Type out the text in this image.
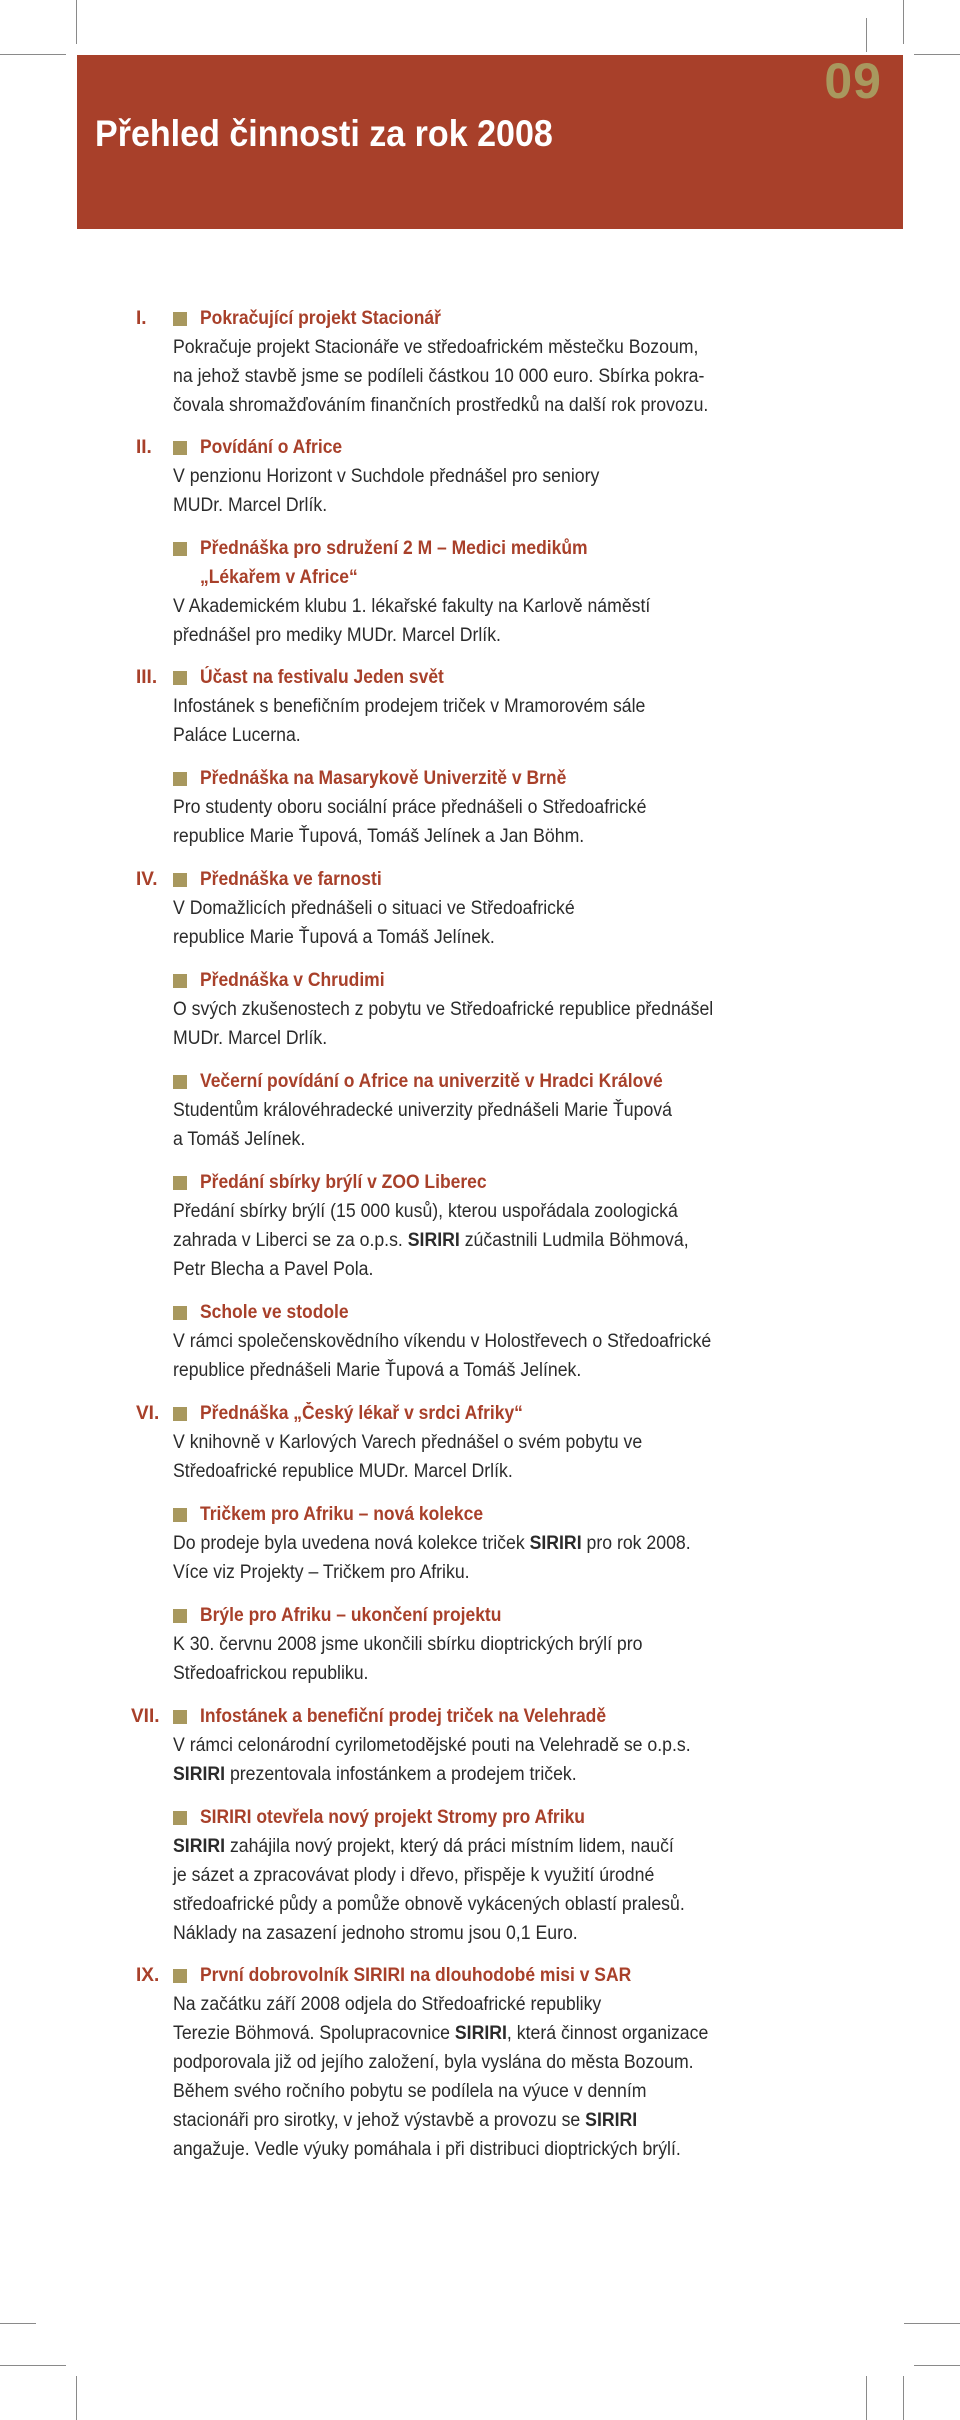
09
Přehled činnosti za rok 2008
I.	Pokračující projekt Stacionář
Pokračuje projekt Stacionáře ve středoafrickém městečku Bozoum,
na jehož stavbě jsme se podíleli částkou 10 000 euro. Sbírka pokra-
čovala shromažďováním finančních prostředků na další rok provozu.
II.	Povídání o Africe
V penzionu Horizont v Suchdole přednášel pro seniory
MUDr. Marcel Drlík.
Přednáška pro sdružení 2 M – Medici medikům
„Lékařem v Africe“
V Akademickém klubu 1. lékařské fakulty na Karlově náměstí
přednášel pro mediky MUDr. Marcel Drlík.
III.	Účast na festivalu Jeden svět
Infostánek s benefičním prodejem triček v Mramorovém sále
Paláce Lucerna.
Přednáška na Masarykově Univerzitě v Brně
Pro studenty oboru sociální práce přednášeli o Středoafrické
republice Marie Ťupová, Tomáš Jelínek a Jan Böhm.
IV.	Přednáška ve farnosti
V Domažlicích přednášeli o situaci ve Středoafrické
republice Marie Ťupová a Tomáš Jelínek.
Přednáška v Chrudimi
O svých zkušenostech z pobytu ve Středoafrické republice přednášel
MUDr. Marcel Drlík.
Večerní povídání o Africe na univerzitě v Hradci Králové
Studentům královéhradecké univerzity přednášeli Marie Ťupová
a Tomáš Jelínek.
Předání sbírky brýlí v ZOO Liberec
Předání sbírky brýlí (15 000 kusů), kterou uspořádala zoologická
zahrada v Liberci se za o.p.s. SIRIRI zúčastnili Ludmila Böhmová,
Petr Blecha a Pavel Pola.
Schole ve stodole
V rámci společenskovědního víkendu v Holostřevech o Středoafrické
republice přednášeli Marie Ťupová a Tomáš Jelínek.
VI.	Přednáška „Český lékař v srdci Afriky“
V knihovně v Karlových Varech přednášel o svém pobytu ve
Středoafrické republice MUDr. Marcel Drlík.
Tričkem pro Afriku – nová kolekce
Do prodeje byla uvedena nová kolekce triček SIRIRI pro rok 2008.
Více viz Projekty – Tričkem pro Afriku.
Brýle pro Afriku – ukončení projektu
K 30. červnu 2008 jsme ukončili sbírku dioptrických brýlí pro
Středoafrickou republiku.
VII.	Infostánek a benefiční prodej triček na Velehradě
V rámci celonárodní cyrilometodějské pouti na Velehradě se o.p.s.
SIRIRI prezentovala infostánkem a prodejem triček.
SIRIRI otevřela nový projekt Stromy pro Afriku
SIRIRI zahájila nový projekt, který dá práci místním lidem, naučí
je sázet a zpracovávat plody i dřevo, přispěje k využití úrodné
středoafrické půdy a pomůže obnově vykácených oblastí pralesů.
Náklady na zasazení jednoho stromu jsou 0,1 Euro.
IX.	První dobrovolník SIRIRI na dlouhodobé misi v SAR
Na začátku září 2008 odjela do Středoafrické republiky
Terezie Böhmová. Spolupracovnice SIRIRI, která činnost organizace
podporovala již od jejího založení, byla vyslána do města Bozoum.
Během svého ročního pobytu se podílela na výuce v denním
stacionáři pro sirotky, v jehož výstavbě a provozu se SIRIRI
angažuje. Vedle výuky pomáhala i při distribuci dioptrických brýlí.
